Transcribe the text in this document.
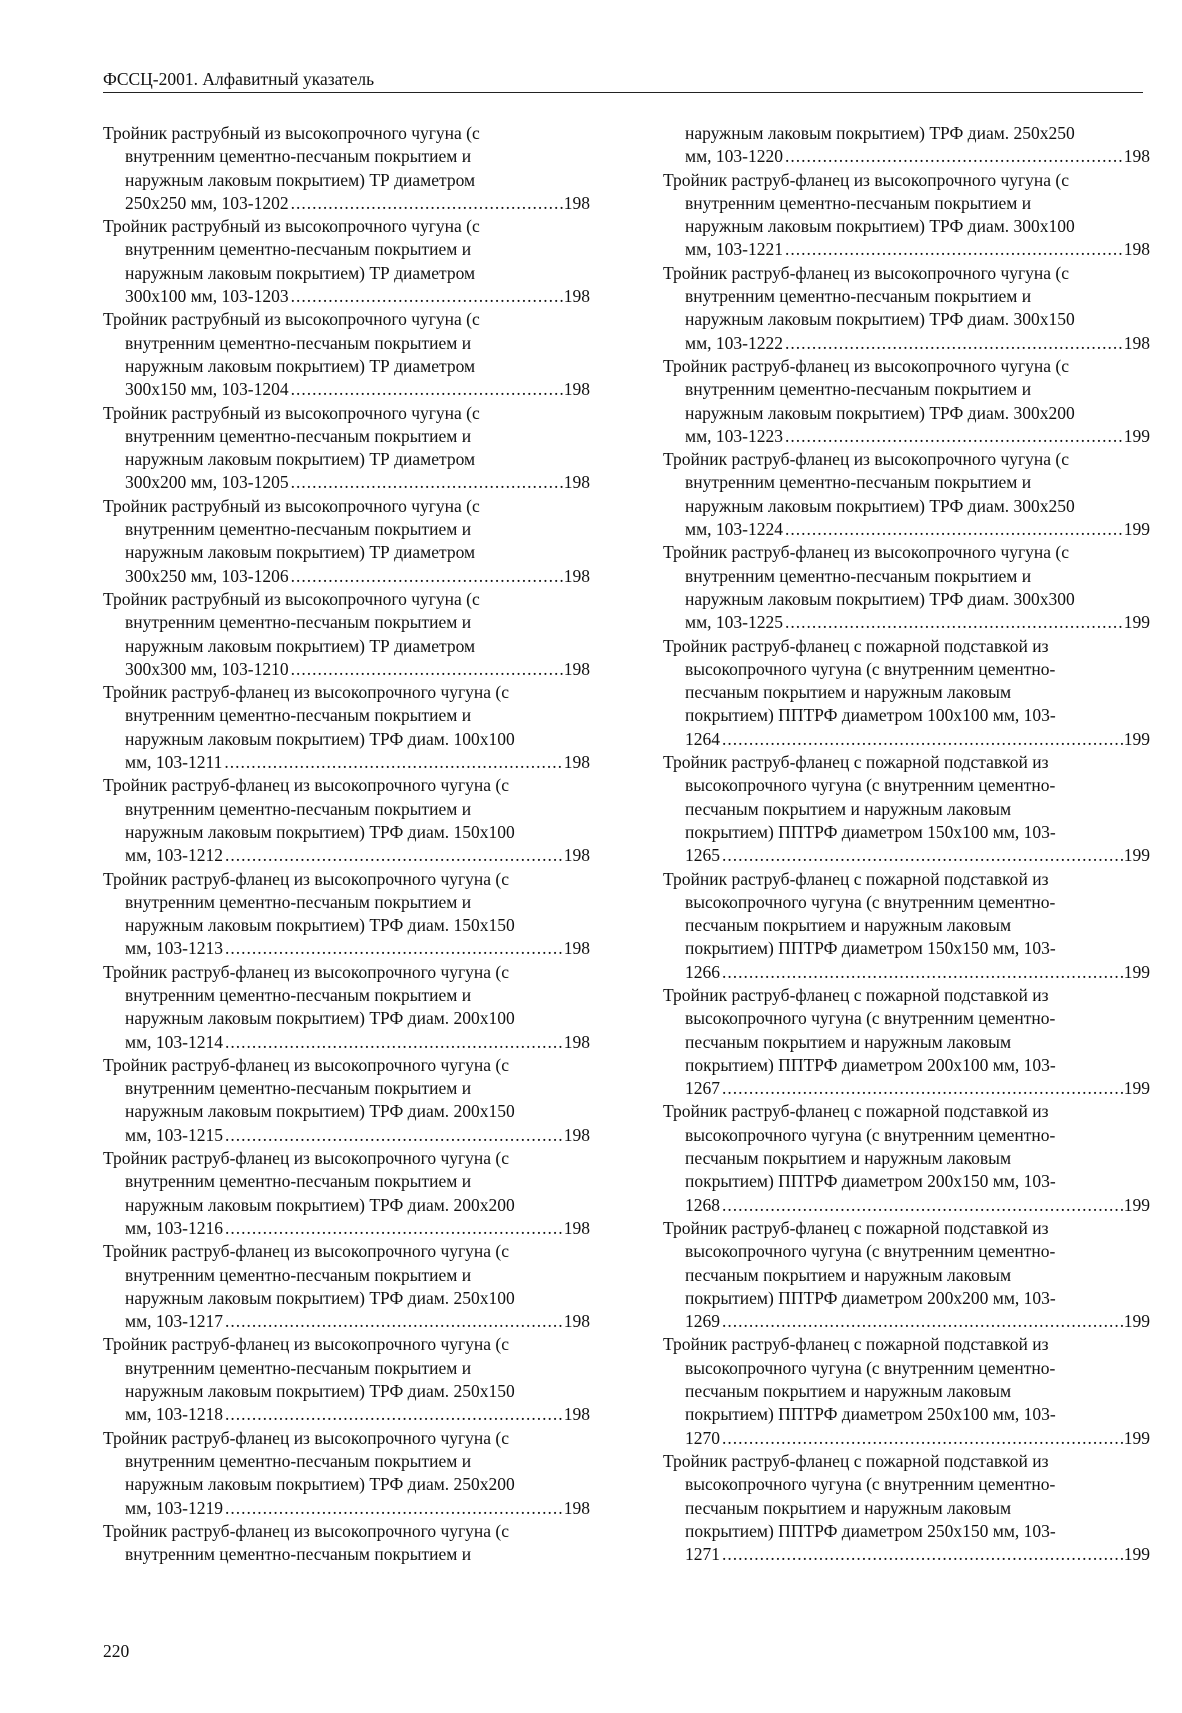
ФССЦ-2001. Алфавитный указатель
Тройник раструбный из высокопрочного чугуна (с
внутренним цементно-песчаным покрытием и
наружным лаковым покрытием) ТР диаметром
250x250 мм, 103-1202 .....	198
Тройник раструбный из высокопрочного чугуна (с
внутренним цементно-песчаным покрытием и
наружным лаковым покрытием) ТР диаметром
300x100 мм, 103-1203 .....	198
Тройник раструбный из высокопрочного чугуна (с
внутренним цементно-песчаным покрытием и
наружным лаковым покрытием) ТР диаметром
300x150 мм, 103-1204 .....	198
Тройник раструбный из высокопрочного чугуна (с
внутренним цементно-песчаным покрытием и
наружным лаковым покрытием) ТР диаметром
300x200 мм, 103-1205 .....	198
Тройник раструбный из высокопрочного чугуна (с
внутренним цементно-песчаным покрытием и
наружным лаковым покрытием) ТР диаметром
300x250 мм, 103-1206 .....	198
Тройник раструбный из высокопрочного чугуна (с
внутренним цементно-песчаным покрытием и
наружным лаковым покрытием) ТР диаметром
300x300 мм, 103-1210 .....	198
Тройник раструб-фланец из высокопрочного чугуна (с
внутренним цементно-песчаным покрытием и
наружным лаковым покрытием) ТРФ диам. 100x100
мм, 103-1211 .....	198
Тройник раструб-фланец из высокопрочного чугуна (с
внутренним цементно-песчаным покрытием и
наружным лаковым покрытием) ТРФ диам. 150x100
мм, 103-1212 .....	198
Тройник раструб-фланец из высокопрочного чугуна (с
внутренним цементно-песчаным покрытием и
наружным лаковым покрытием) ТРФ диам. 150x150
мм, 103-1213 .....	198
Тройник раструб-фланец из высокопрочного чугуна (с
внутренним цементно-песчаным покрытием и
наружным лаковым покрытием) ТРФ диам. 200x100
мм, 103-1214 .....	198
Тройник раструб-фланец из высокопрочного чугуна (с
внутренним цементно-песчаным покрытием и
наружным лаковым покрытием) ТРФ диам. 200x150
мм, 103-1215 .....	198
Тройник раструб-фланец из высокопрочного чугуна (с
внутренним цементно-песчаным покрытием и
наружным лаковым покрытием) ТРФ диам. 200x200
мм, 103-1216 .....	198
Тройник раструб-фланец из высокопрочного чугуна (с
внутренним цементно-песчаным покрытием и
наружным лаковым покрытием) ТРФ диам. 250x100
мм, 103-1217 .....	198
Тройник раструб-фланец из высокопрочного чугуна (с
внутренним цементно-песчаным покрытием и
наружным лаковым покрытием) ТРФ диам. 250x150
мм, 103-1218 .....	198
Тройник раструб-фланец из высокопрочного чугуна (с
внутренним цементно-песчаным покрытием и
наружным лаковым покрытием) ТРФ диам. 250x200
мм, 103-1219 .....	198
Тройник раструб-фланец из высокопрочного чугуна (с
внутренним цементно-песчаным покрытием и
наружным лаковым покрытием) ТРФ диам. 250x250
мм, 103-1220 .....	198
Тройник раструб-фланец из высокопрочного чугуна (с
внутренним цементно-песчаным покрытием и
наружным лаковым покрытием) ТРФ диам. 300x100
мм, 103-1221 .....	198
Тройник раструб-фланец из высокопрочного чугуна (с
внутренним цементно-песчаным покрытием и
наружным лаковым покрытием) ТРФ диам. 300x150
мм, 103-1222 .....	198
Тройник раструб-фланец из высокопрочного чугуна (с
внутренним цементно-песчаным покрытием и
наружным лаковым покрытием) ТРФ диам. 300x200
мм, 103-1223 .....	199
Тройник раструб-фланец из высокопрочного чугуна (с
внутренним цементно-песчаным покрытием и
наружным лаковым покрытием) ТРФ диам. 300x250
мм, 103-1224 .....	199
Тройник раструб-фланец из высокопрочного чугуна (с
внутренним цементно-песчаным покрытием и
наружным лаковым покрытием) ТРФ диам. 300x300
мм, 103-1225 .....	199
Тройник раструб-фланец с пожарной подставкой из
высокопрочного чугуна (с внутренним цементно-
песчаным покрытием и наружным лаковым
покрытием) ППТРФ диаметром 100x100 мм, 103-
1264 .....	199
Тройник раструб-фланец с пожарной подставкой из
высокопрочного чугуна (с внутренним цементно-
песчаным покрытием и наружным лаковым
покрытием) ППТРФ диаметром 150x100 мм, 103-
1265 .....	199
Тройник раструб-фланец с пожарной подставкой из
высокопрочного чугуна (с внутренним цементно-
песчаным покрытием и наружным лаковым
покрытием) ППТРФ диаметром 150x150 мм, 103-
1266 .....	199
Тройник раструб-фланец с пожарной подставкой из
высокопрочного чугуна (с внутренним цементно-
песчаным покрытием и наружным лаковым
покрытием) ППТРФ диаметром 200x100 мм, 103-
1267 .....	199
Тройник раструб-фланец с пожарной подставкой из
высокопрочного чугуна (с внутренним цементно-
песчаным покрытием и наружным лаковым
покрытием) ППТРФ диаметром 200x150 мм, 103-
1268 .....	199
Тройник раструб-фланец с пожарной подставкой из
высокопрочного чугуна (с внутренним цементно-
песчаным покрытием и наружным лаковым
покрытием) ППТРФ диаметром 200x200 мм, 103-
1269 .....	199
Тройник раструб-фланец с пожарной подставкой из
высокопрочного чугуна (с внутренним цементно-
песчаным покрытием и наружным лаковым
покрытием) ППТРФ диаметром 250x100 мм, 103-
1270 .....	199
Тройник раструб-фланец с пожарной подставкой из
высокопрочного чугуна (с внутренним цементно-
песчаным покрытием и наружным лаковым
покрытием) ППТРФ диаметром 250x150 мм, 103-
1271 .....	199
220
